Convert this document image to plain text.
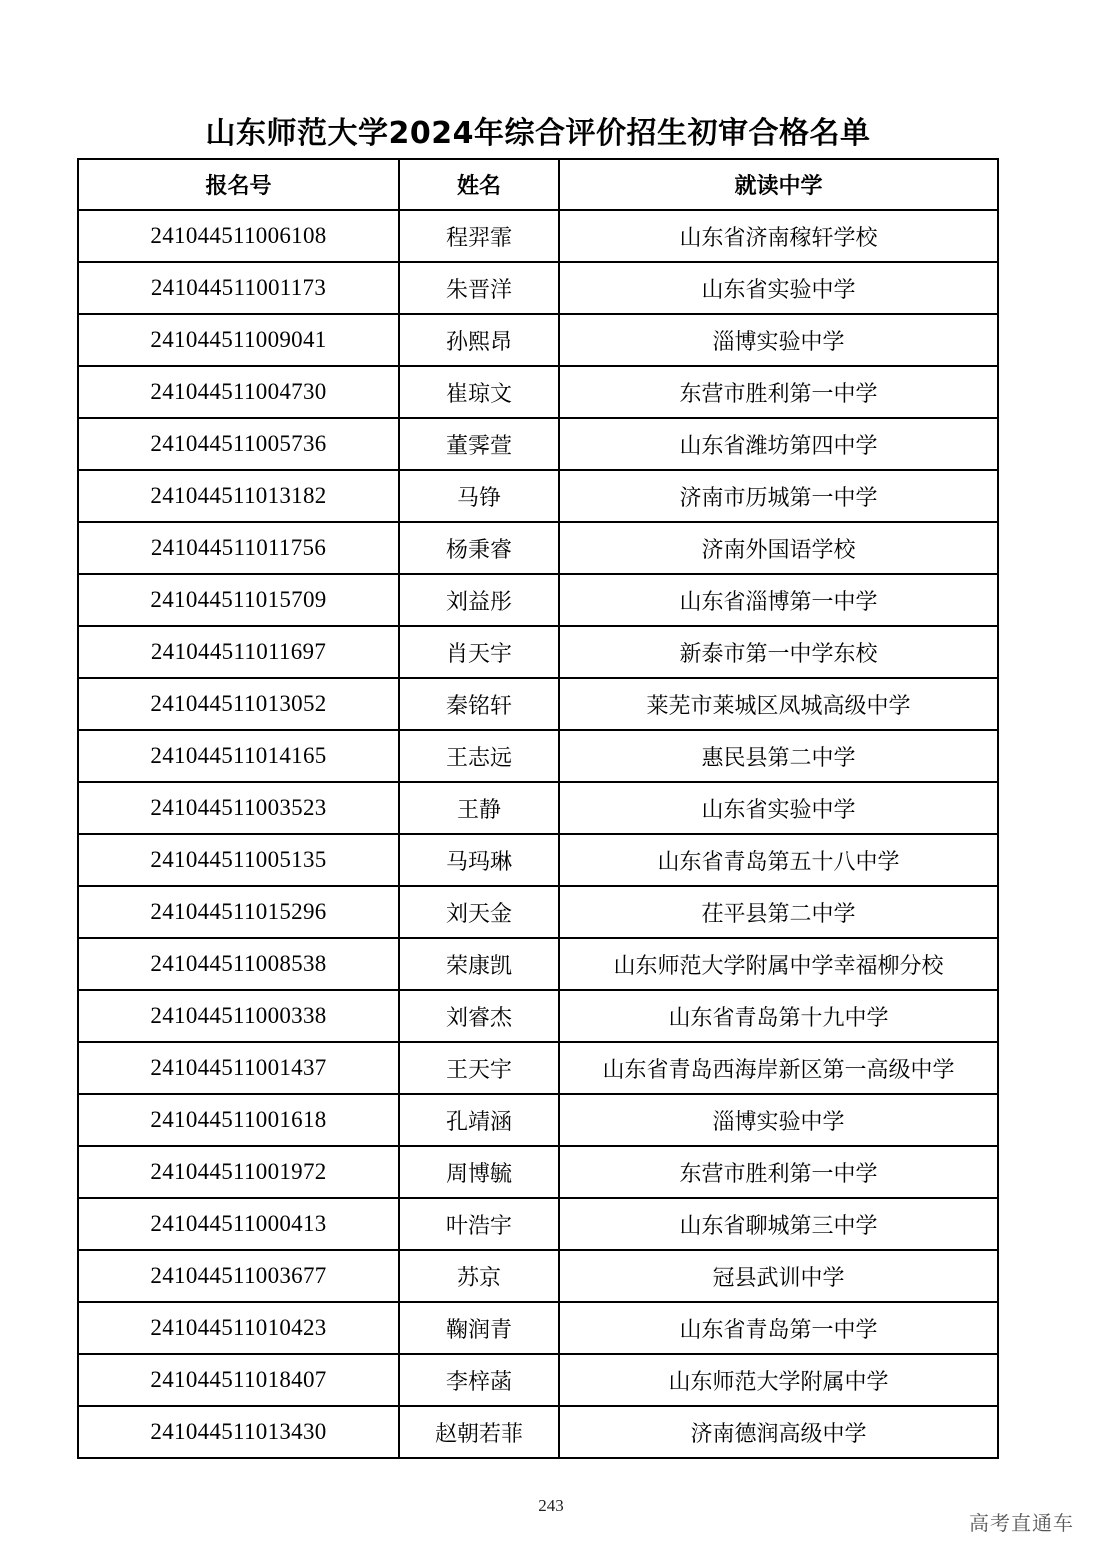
山东师范大学2024年综合评价招生初审合格名单
报名号	姓名	就读中学
241044511006108	程羿霏	山东省济南稼轩学校
241044511001173	朱晋洋	山东省实验中学
241044511009041	孙熙昂	淄博实验中学
241044511004730	崔琼文	东营市胜利第一中学
241044511005736	董霁萱	山东省潍坊第四中学
241044511013182	马铮	济南市历城第一中学
241044511011756	杨秉睿	济南外国语学校
241044511015709	刘益彤	山东省淄博第一中学
241044511011697	肖天宇	新泰市第一中学东校
241044511013052	秦铭轩	莱芜市莱城区凤城高级中学
241044511014165	王志远	惠民县第二中学
241044511003523	王静	山东省实验中学
241044511005135	马玛琳	山东省青岛第五十八中学
241044511015296	刘天金	茌平县第二中学
241044511008538	荣康凯	山东师范大学附属中学幸福柳分校
241044511000338	刘睿杰	山东省青岛第十九中学
241044511001437	王天宇	山东省青岛西海岸新区第一高级中学
241044511001618	孔靖涵	淄博实验中学
241044511001972	周博毓	东营市胜利第一中学
241044511000413	叶浩宇	山东省聊城第三中学
241044511003677	苏京	冠县武训中学
241044511010423	鞠润青	山东省青岛第一中学
241044511018407	李梓菡	山东师范大学附属中学
241044511013430	赵朝若菲	济南德润高级中学
243
高考直通车
